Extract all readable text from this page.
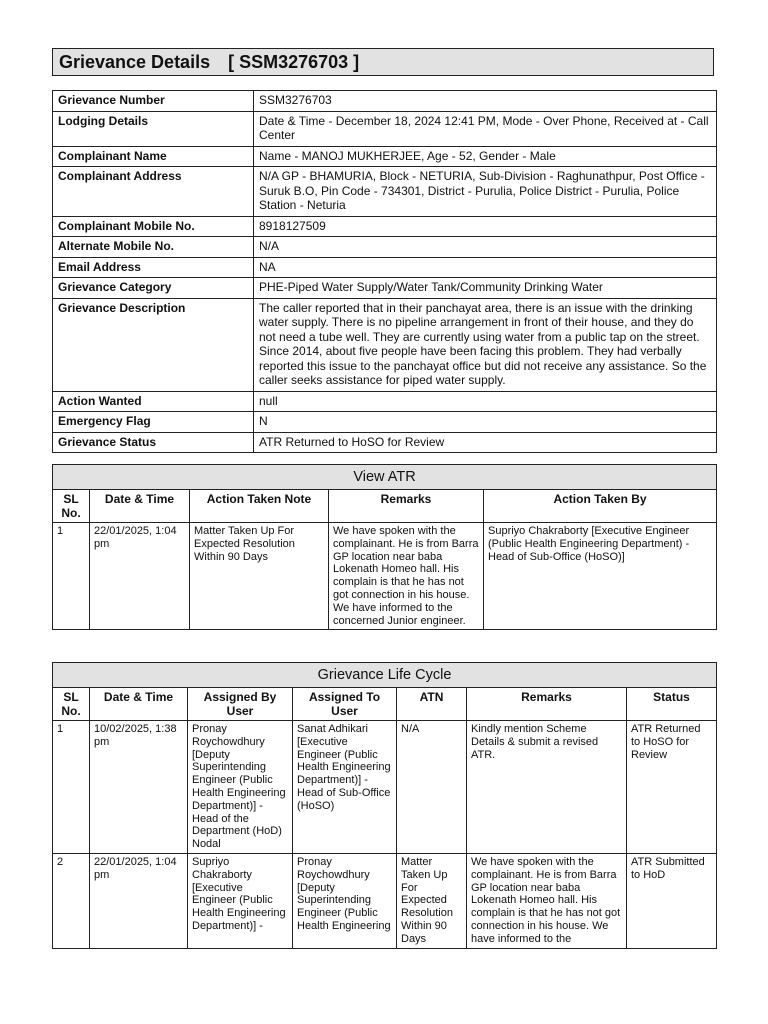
Grievance Details [ SSM3276703 ]
Grievance Number	SSM3276703
Lodging Details	Date & Time - December 18, 2024 12:41 PM, Mode - Over Phone, Received at - Call Center
Complainant Name	Name - MANOJ MUKHERJEE, Age - 52, Gender - Male
Complainant Address	N/A GP - BHAMURIA, Block - NETURIA, Sub-Division - Raghunathpur, Post Office - Suruk B.O, Pin Code - 734301, District - Purulia, Police District - Purulia, Police Station - Neturia
Complainant Mobile No.	8918127509
Alternate Mobile No.	N/A
Email Address	NA
Grievance Category	PHE-Piped Water Supply/Water Tank/Community Drinking Water
Grievance Description	The caller reported that in their panchayat area, there is an issue with the drinking water supply. There is no pipeline arrangement in front of their house, and they do not need a tube well. They are currently using water from a public tap on the street. Since 2014, about five people have been facing this problem. They had verbally reported this issue to the panchayat office but did not receive any assistance. So the caller seeks assistance for piped water supply.
Action Wanted	null
Emergency Flag	N
Grievance Status	ATR Returned to HoSO for Review
View ATR				
SL No.	Date & Time	Action Taken Note	Remarks	Action Taken By
1	22/01/2025, 1:04 pm	Matter Taken Up For Expected Resolution Within 90 Days	We have spoken with the complainant. He is from Barra GP location near baba Lokenath Homeo hall. His complain is that he has not got connection in his house. We have informed to the concerned Junior engineer.	Supriyo Chakraborty [Executive Engineer (Public Health Engineering Department) - Head of Sub-Office (HoSO)]
Grievance Life Cycle						
SL No.	Date & Time	Assigned By User	Assigned To User	ATN	Remarks	Status
1	10/02/2025, 1:38 pm	Pronay Roychowdhury [Deputy Superintending Engineer (Public Health Engineering Department)] - Head of the Department (HoD) Nodal	Sanat Adhikari [Executive Engineer (Public Health Engineering Department)] - Head of Sub-Office (HoSO)	N/A	Kindly mention Scheme Details & submit a revised ATR.	ATR Returned to HoSO for Review
2	22/01/2025, 1:04 pm	Supriyo Chakraborty [Executive Engineer (Public Health Engineering Department)] -	Pronay Roychowdhury [Deputy Superintending Engineer (Public Health Engineering	Matter Taken Up For Expected Resolution Within 90 Days	We have spoken with the complainant. He is from Barra GP location near baba Lokenath Homeo hall. His complain is that he has not got connection in his house. We have informed to the	ATR Submitted to HoD
